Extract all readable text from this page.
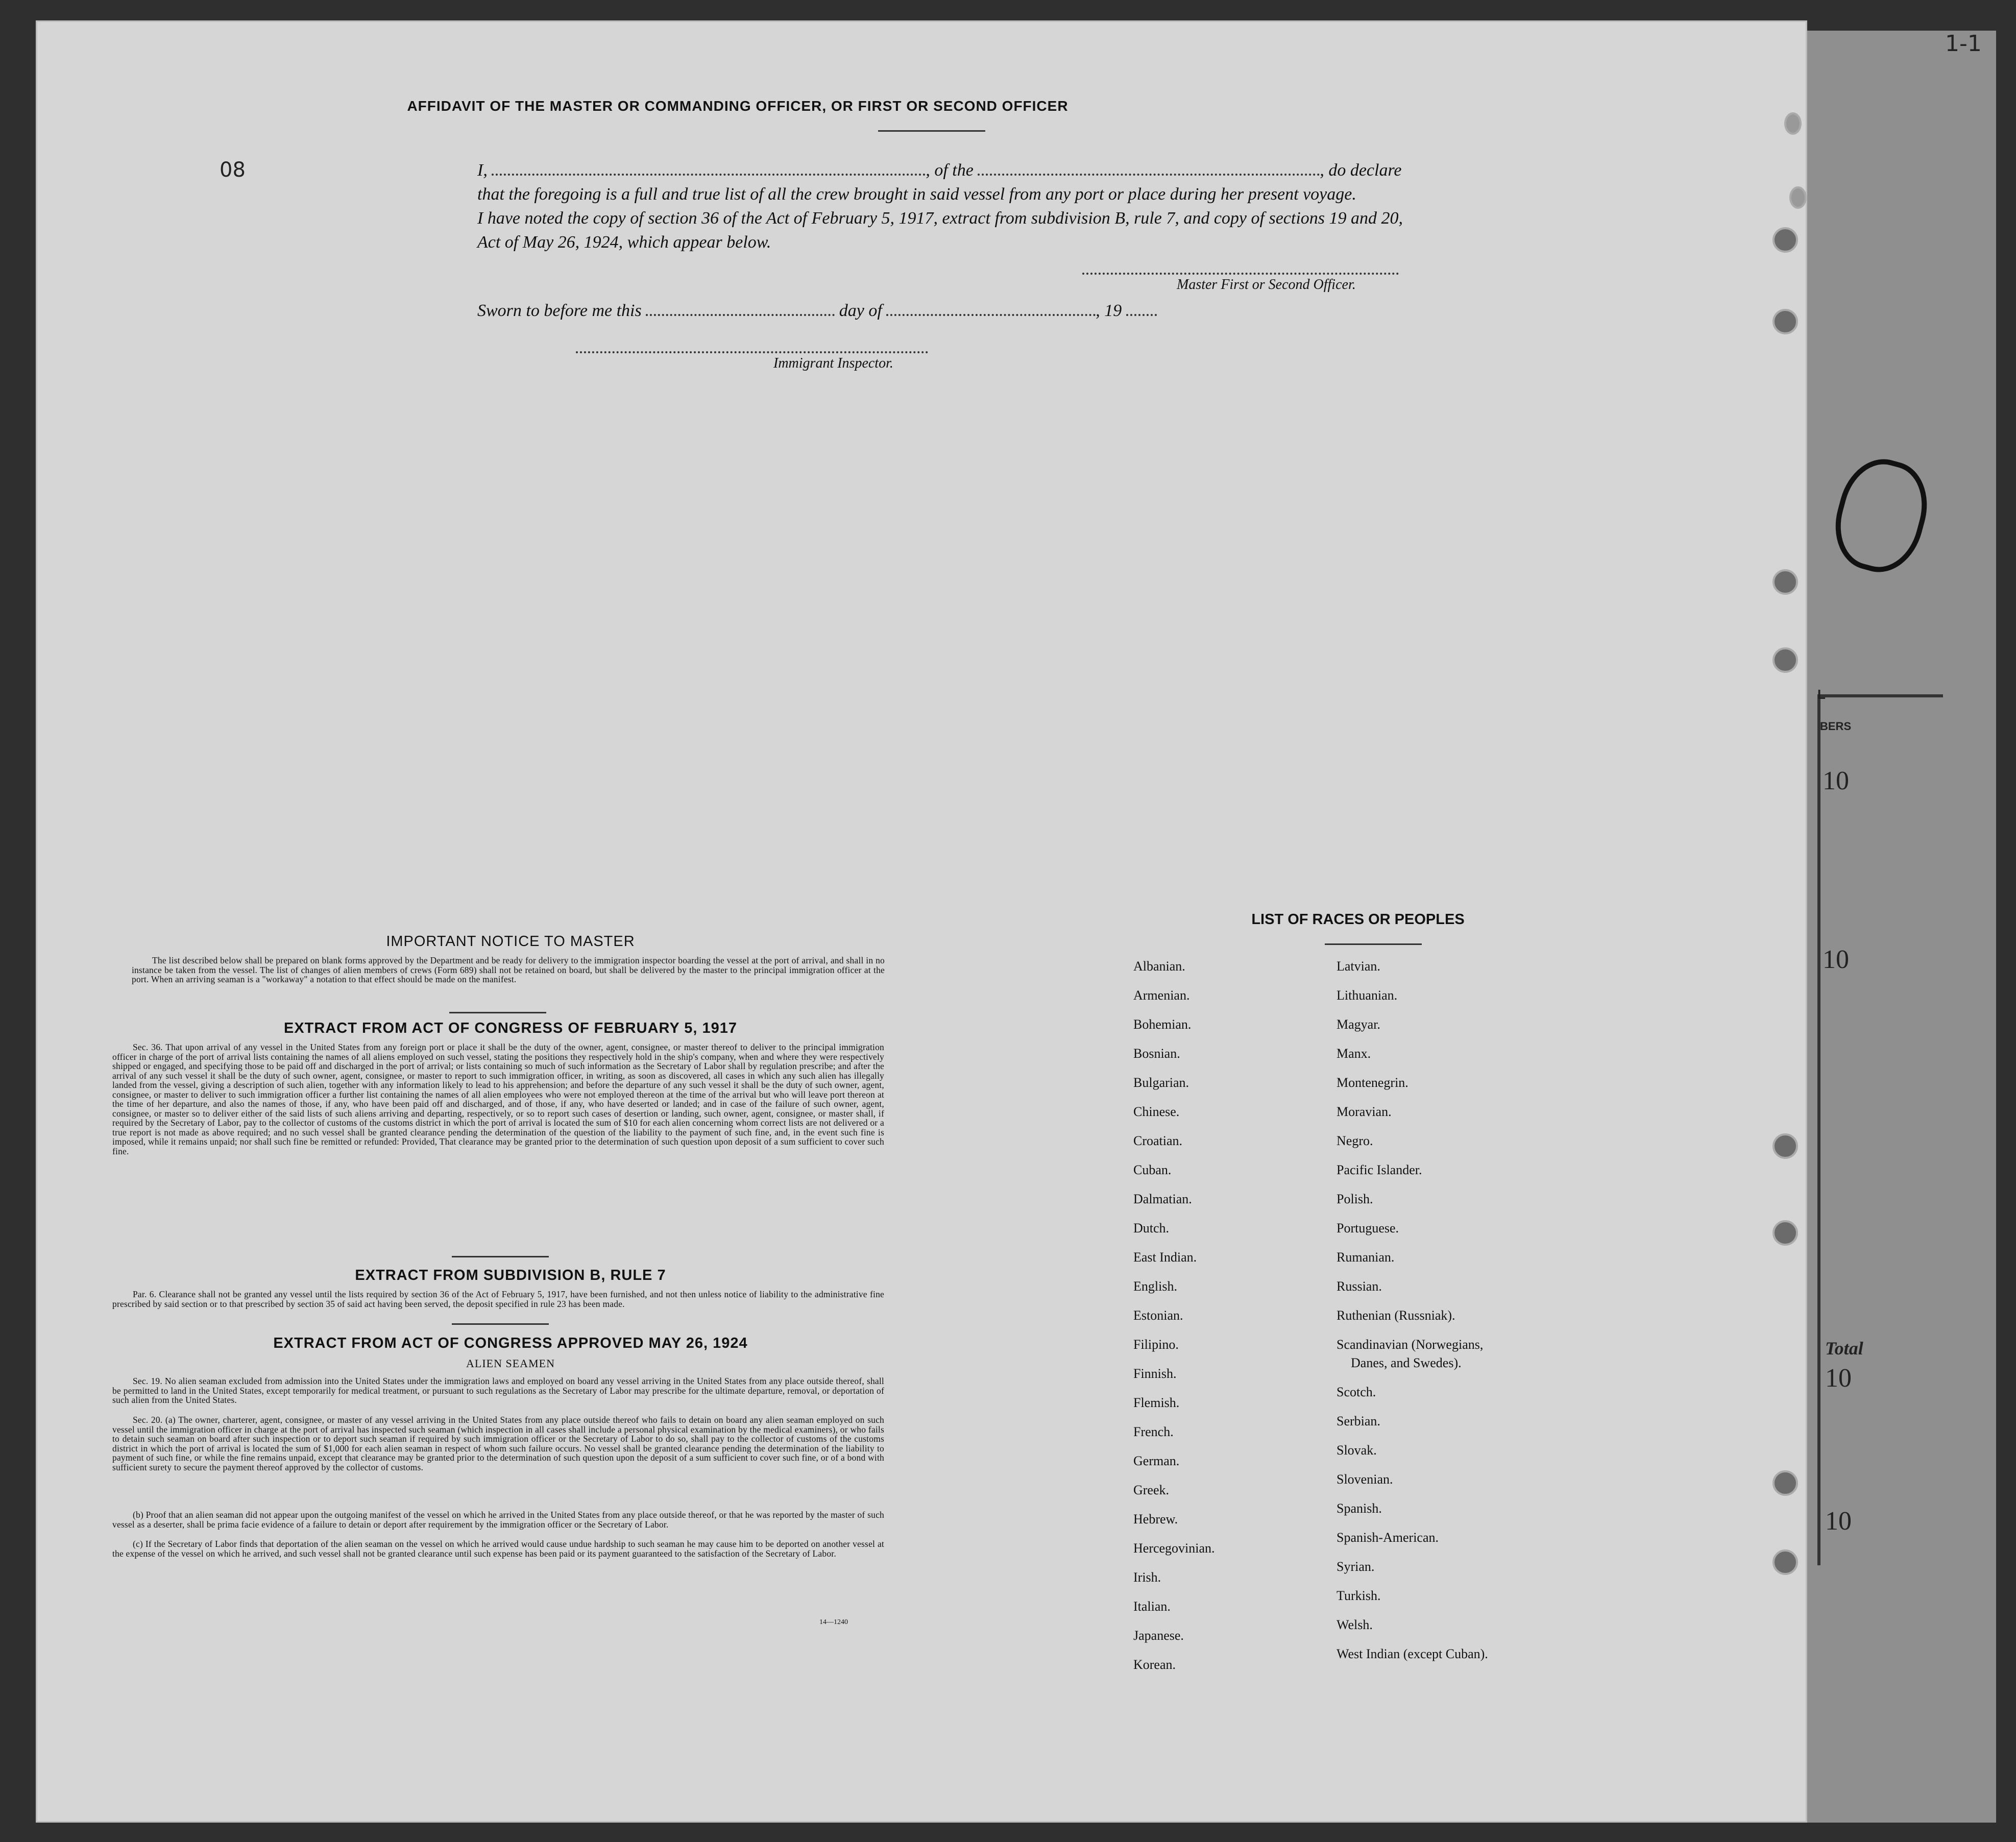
L
BERS
10
10
Total
10
10
1-1
08
AFFIDAVIT OF THE MASTER OR COMMANDING OFFICER, OR FIRST OR SECOND OFFICER
I,	, of the	, do declare
that the foregoing is a full and true list of all the crew brought in said vessel from any port or place during her present voyage.
I have noted the copy of section 36 of the Act of February 5, 1917, extract from subdivision B, rule 7, and copy of sections 19 and 20,
Act of May 26, 1924, which appear below.
Master First or Second Officer.
Sworn to before me this	day of	, 19
Immigrant Inspector.
IMPORTANT NOTICE TO MASTER
The list described below shall be prepared on blank forms approved by the Department and be ready for delivery to the immigration inspector boarding the vessel at the port of arrival, and shall in no instance be taken from the vessel. The list of changes of alien members of crews (Form 689) shall not be retained on board, but shall be delivered by the master to the principal immigration officer at the port. When an arriving seaman is a "workaway" a notation to that effect should be made on the manifest.
EXTRACT FROM ACT OF CONGRESS OF FEBRUARY 5, 1917
Sec. 36. That upon arrival of any vessel in the United States from any foreign port or place it shall be the duty of the owner, agent, consignee, or master thereof to deliver to the principal immigration officer in charge of the port of arrival lists containing the names of all aliens employed on such vessel, stating the positions they respectively hold in the ship's company, when and where they were respectively shipped or engaged, and specifying those to be paid off and discharged in the port of arrival; or lists containing so much of such information as the Secretary of Labor shall by regulation prescribe; and after the arrival of any such vessel it shall be the duty of such owner, agent, consignee, or master to report to such immigration officer, in writing, as soon as discovered, all cases in which any such alien has illegally landed from the vessel, giving a description of such alien, together with any information likely to lead to his apprehension; and before the departure of any such vessel it shall be the duty of such owner, agent, consignee, or master to deliver to such immigration officer a further list containing the names of all alien employees who were not employed thereon at the time of the arrival but who will leave port thereon at the time of her departure, and also the names of those, if any, who have been paid off and discharged, and of those, if any, who have deserted or landed; and in case of the failure of such owner, agent, consignee, or master so to deliver either of the said lists of such aliens arriving and departing, respectively, or so to report such cases of desertion or landing, such owner, agent, consignee, or master shall, if required by the Secretary of Labor, pay to the collector of customs of the customs district in which the port of arrival is located the sum of $10 for each alien concerning whom correct lists are not delivered or a true report is not made as above required; and no such vessel shall be granted clearance pending the determination of the question of the liability to the payment of such fine, and, in the event such fine is imposed, while it remains unpaid; nor shall such fine be remitted or refunded: Provided, That clearance may be granted prior to the determination of such question upon deposit of a sum sufficient to cover such fine.
EXTRACT FROM SUBDIVISION B, RULE 7
Par. 6. Clearance shall not be granted any vessel until the lists required by section 36 of the Act of February 5, 1917, have been furnished, and not then unless notice of liability to the administrative fine prescribed by said section or to that prescribed by section 35 of said act having been served, the deposit specified in rule 23 has been made.
EXTRACT FROM ACT OF CONGRESS APPROVED MAY 26, 1924
ALIEN SEAMEN
Sec. 19. No alien seaman excluded from admission into the United States under the immigration laws and employed on board any vessel arriving in the United States from any place outside thereof, shall be permitted to land in the United States, except temporarily for medical treatment, or pursuant to such regulations as the Secretary of Labor may prescribe for the ultimate departure, removal, or deportation of such alien from the United States.
Sec. 20. (a) The owner, charterer, agent, consignee, or master of any vessel arriving in the United States from any place outside thereof who fails to detain on board any alien seaman employed on such vessel until the immigration officer in charge at the port of arrival has inspected such seaman (which inspection in all cases shall include a personal physical examination by the medical examiners), or who fails to detain such seaman on board after such inspection or to deport such seaman if required by such immigration officer or the Secretary of Labor to do so, shall pay to the collector of customs of the customs district in which the port of arrival is located the sum of $1,000 for each alien seaman in respect of whom such failure occurs. No vessel shall be granted clearance pending the determination of the liability to payment of such fine, or while the fine remains unpaid, except that clearance may be granted prior to the determination of such question upon the deposit of a sum sufficient to cover such fine, or of a bond with sufficient surety to secure the payment thereof approved by the collector of customs.
(b) Proof that an alien seaman did not appear upon the outgoing manifest of the vessel on which he arrived in the United States from any place outside thereof, or that he was reported by the master of such vessel as a deserter, shall be prima facie evidence of a failure to detain or deport after requirement by the immigration officer or the Secretary of Labor.
(c) If the Secretary of Labor finds that deportation of the alien seaman on the vessel on which he arrived would cause undue hardship to such seaman he may cause him to be deported on another vessel at the expense of the vessel on which he arrived, and such vessel shall not be granted clearance until such expense has been paid or its payment guaranteed to the satisfaction of the Secretary of Labor.
14—1240
LIST OF RACES OR PEOPLES
Albanian.
Armenian.
Bohemian.
Bosnian.
Bulgarian.
Chinese.
Croatian.
Cuban.
Dalmatian.
Dutch.
East Indian.
English.
Estonian.
Filipino.
Finnish.
Flemish.
French.
German.
Greek.
Hebrew.
Hercegovinian.
Irish.
Italian.
Japanese.
Korean.
Latvian.
Lithuanian.
Magyar.
Manx.
Montenegrin.
Moravian.
Negro.
Pacific Islander.
Polish.
Portuguese.
Rumanian.
Russian.
Ruthenian (Russniak).
Scandinavian (Norwegians,
Danes, and Swedes).
Scotch.
Serbian.
Slovak.
Slovenian.
Spanish.
Spanish-American.
Syrian.
Turkish.
Welsh.
West Indian (except Cuban).
